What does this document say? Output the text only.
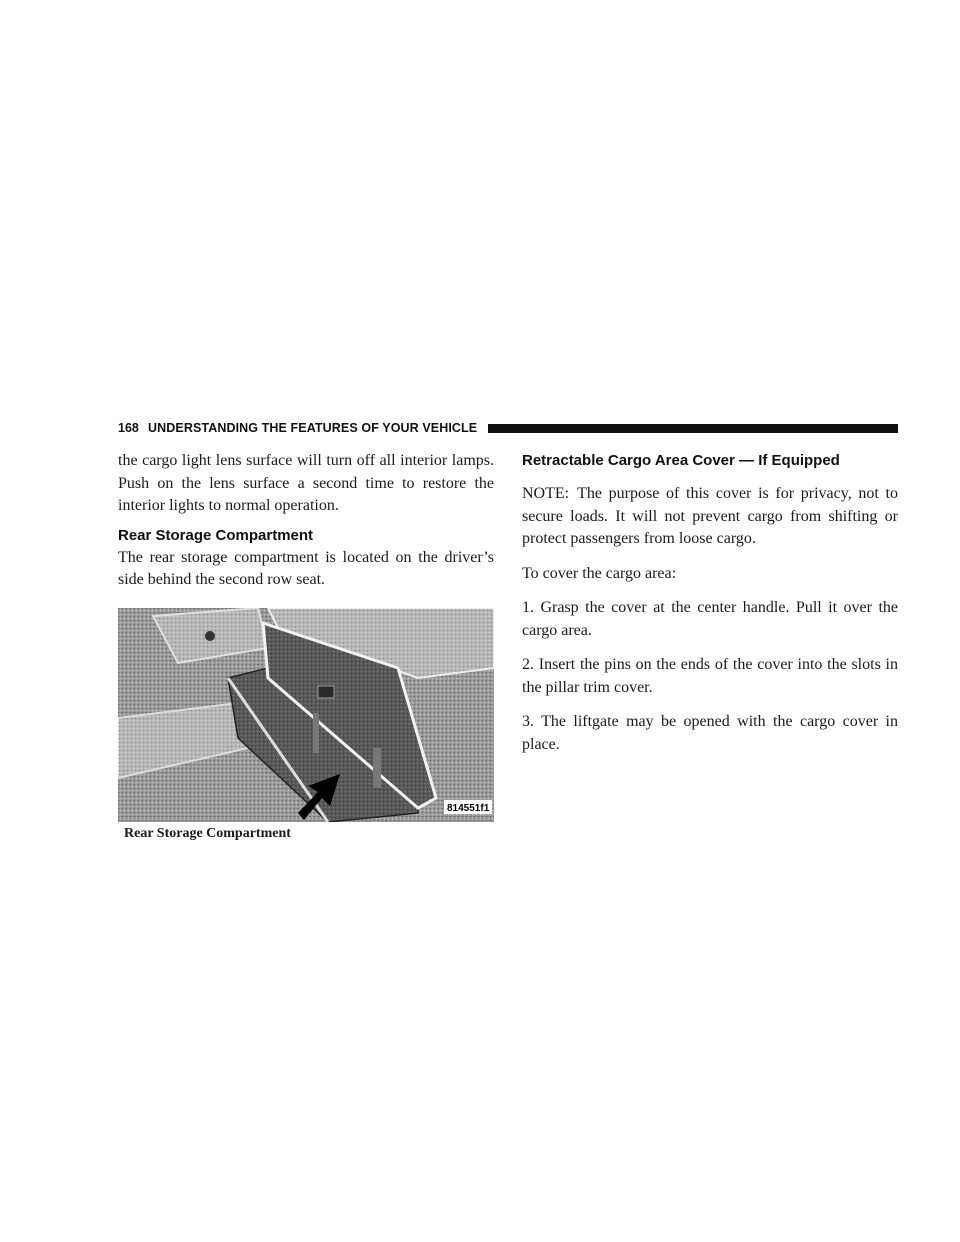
168 UNDERSTANDING THE FEATURES OF YOUR VEHICLE

the cargo light lens surface will turn off all interior lamps. Push on the lens surface a second time to restore the interior lights to normal operation.

Rear Storage Compartment

The rear storage compartment is located on the driver’s side behind the second row seat.

814551f1
Rear Storage Compartment
Retractable Cargo Area Cover — If Equipped

NOTE: The purpose of this cover is for privacy, not to secure loads. It will not prevent cargo from shifting or protect passengers from loose cargo.

To cover the cargo area:

1. Grasp the cover at the center handle. Pull it over the cargo area.

2. Insert the pins on the ends of the cover into the slots in the pillar trim cover.

3. The liftgate may be opened with the cargo cover in place.
